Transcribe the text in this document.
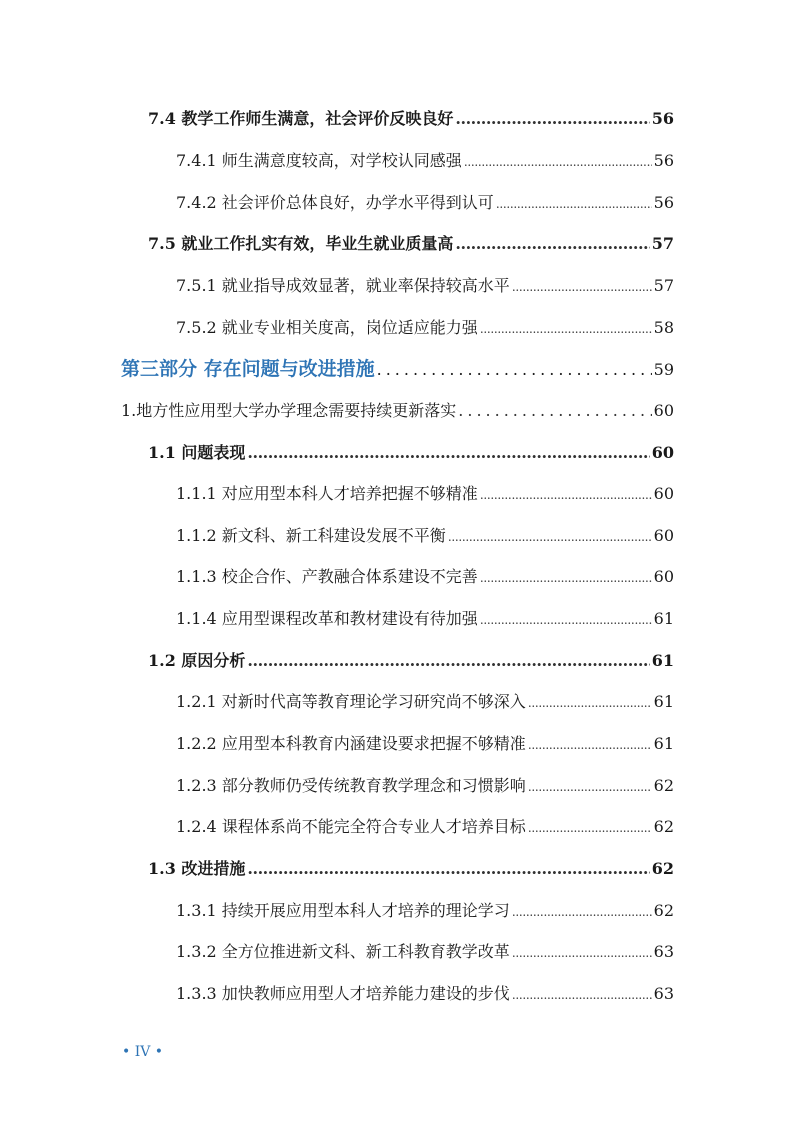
7.4 教学工作师生满意，社会评价反映良好 .....	56
7.4.1 师生满意度较高，对学校认同感强 .....	56
7.4.2 社会评价总体良好，办学水平得到认可 .....	56
7.5 就业工作扎实有效，毕业生就业质量高 .....	57
7.5.1 就业指导成效显著，就业率保持较高水平 .....	57
7.5.2 就业专业相关度高，岗位适应能力强 .....	58
第三部分 存在问题与改进措施 .....	59
1.地方性应用型大学办学理念需要持续更新落实 .....	60
1.1 问题表现 .....	60
1.1.1 对应用型本科人才培养把握不够精准 .....	60
1.1.2 新文科、新工科建设发展不平衡 .....	60
1.1.3 校企合作、产教融合体系建设不完善 .....	60
1.1.4 应用型课程改革和教材建设有待加强 .....	61
1.2 原因分析 .....	61
1.2.1 对新时代高等教育理论学习研究尚不够深入 .....	61
1.2.2 应用型本科教育内涵建设要求把握不够精准 .....	61
1.2.3 部分教师仍受传统教育教学理念和习惯影响 .....	62
1.2.4 课程体系尚不能完全符合专业人才培养目标 .....	62
1.3 改进措施 .....	62
1.3.1 持续开展应用型本科人才培养的理论学习 .....	62
1.3.2 全方位推进新文科、新工科教育教学改革 .....	63
1.3.3 加快教师应用型人才培养能力建设的步伐 .....	63
• IV •
